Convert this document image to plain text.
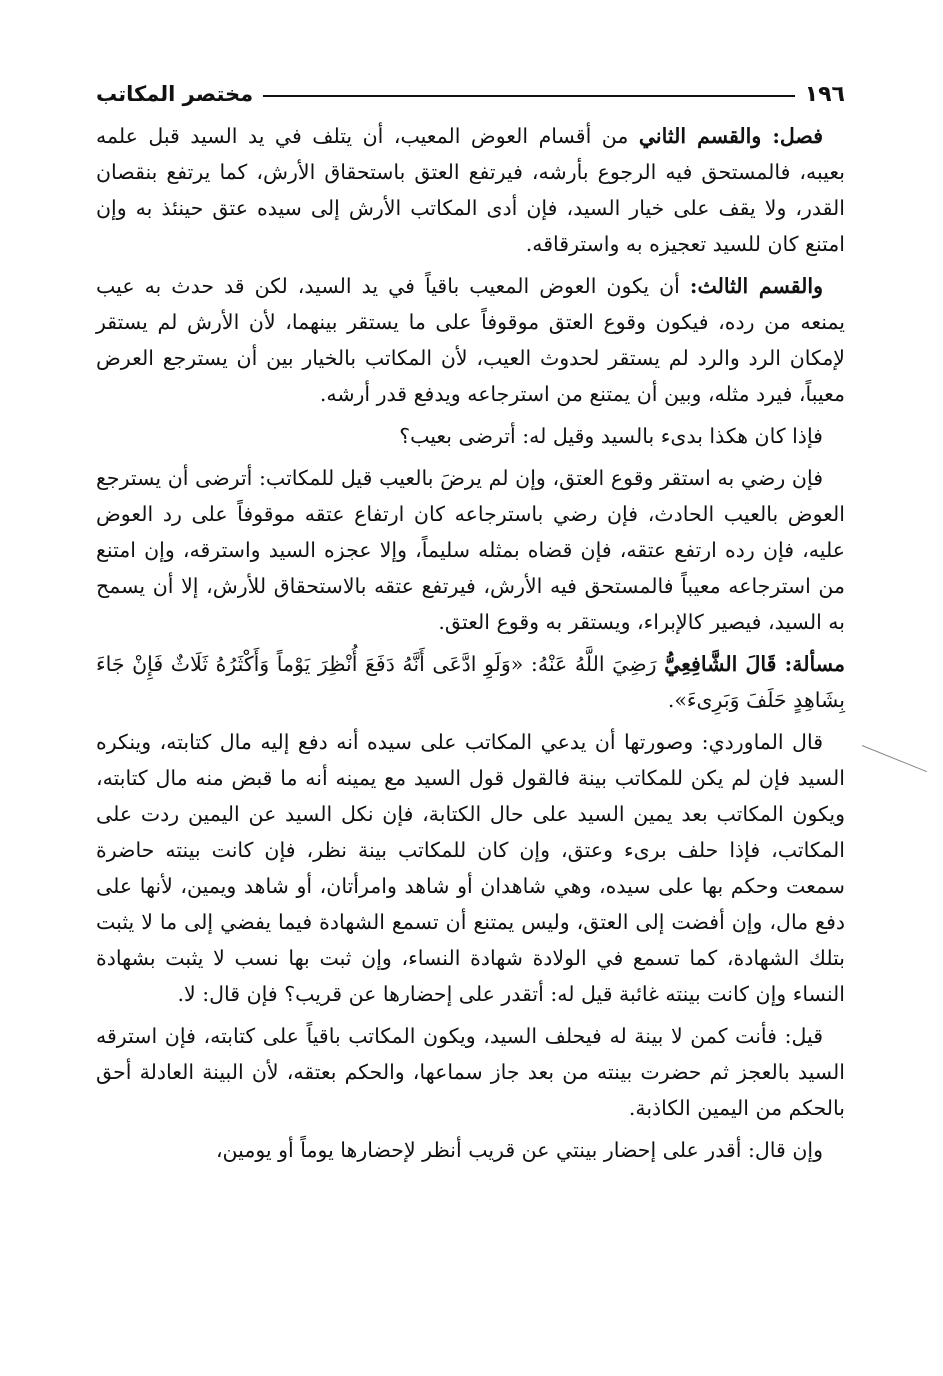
١٩٦
مختصر المكاتب

فصل: والقسم الثاني من أقسام العوض المعيب، أن يتلف في يد السيد قبل علمه بعيبه، فالمستحق فيه الرجوع بأرشه، فيرتفع العتق باستحقاق الأرش، كما يرتفع بنقصان القدر، ولا يقف على خيار السيد، فإن أدى المكاتب الأرش إلى سيده عتق حينئذ به وإن امتنع كان للسيد تعجيزه به واسترقاقه.

والقسم الثالث: أن يكون العوض المعيب باقياً في يد السيد، لكن قد حدث به عيب يمنعه من رده، فيكون وقوع العتق موقوفاً على ما يستقر بينهما، لأن الأرش لم يستقر لإمكان الرد والرد لم يستقر لحدوث العيب، لأن المكاتب بالخيار بين أن يسترجع العرض معيباً، فيرد مثله، وبين أن يمتنع من استرجاعه ويدفع قدر أرشه.

فإذا كان هكذا بدىء بالسيد وقيل له: أترضى بعيب؟

فإن رضي به استقر وقوع العتق، وإن لم يرضَ بالعيب قيل للمكاتب: أترضى أن يسترجع العوض بالعيب الحادث، فإن رضي باسترجاعه كان ارتفاع عتقه موقوفاً على رد العوض عليه، فإن رده ارتفع عتقه، فإن قضاه بمثله سليماً، وإلا عجزه السيد واسترقه، وإن امتنع من استرجاعه معيباً فالمستحق فيه الأرش، فيرتفع عتقه بالاستحقاق للأرش، إلا أن يسمح به السيد، فيصير كالإبراء، ويستقر به وقوع العتق.

مسألة: قَالَ الشَّافِعِيُّ رَضِيَ اللَّهُ عَنْهُ: «وَلَوِ ادَّعَى أَنَّهُ دَفَعَ أُنْظِرَ يَوْماً وَأَكْثَرُهُ ثَلَاثٌ فَإِنْ جَاءَ بِشَاهِدٍ حَلَفَ وَبَرِىءَ».

قال الماوردي: وصورتها أن يدعي المكاتب على سيده أنه دفع إليه مال كتابته، وينكره السيد فإن لم يكن للمكاتب بينة فالقول قول السيد مع يمينه أنه ما قبض منه مال كتابته، ويكون المكاتب بعد يمين السيد على حال الكتابة، فإن نكل السيد عن اليمين ردت على المكاتب، فإذا حلف برىء وعتق، وإن كان للمكاتب بينة نظر، فإن كانت بينته حاضرة سمعت وحكم بها على سيده، وهي شاهدان أو شاهد وامرأتان، أو شاهد ويمين، لأنها على دفع مال، وإن أفضت إلى العتق، وليس يمتنع أن تسمع الشهادة فيما يفضي إلى ما لا يثبت بتلك الشهادة، كما تسمع في الولادة شهادة النساء، وإن ثبت بها نسب لا يثبت بشهادة النساء وإن كانت بينته غائبة قيل له: أتقدر على إحضارها عن قريب؟ فإن قال: لا.

قيل: فأنت كمن لا بينة له فيحلف السيد، ويكون المكاتب باقياً على كتابته، فإن استرقه السيد بالعجز ثم حضرت بينته من بعد جاز سماعها، والحكم بعتقه، لأن البينة العادلة أحق بالحكم من اليمين الكاذبة.

وإن قال: أقدر على إحضار بينتي عن قريب أنظر لإحضارها يوماً أو يومين،
